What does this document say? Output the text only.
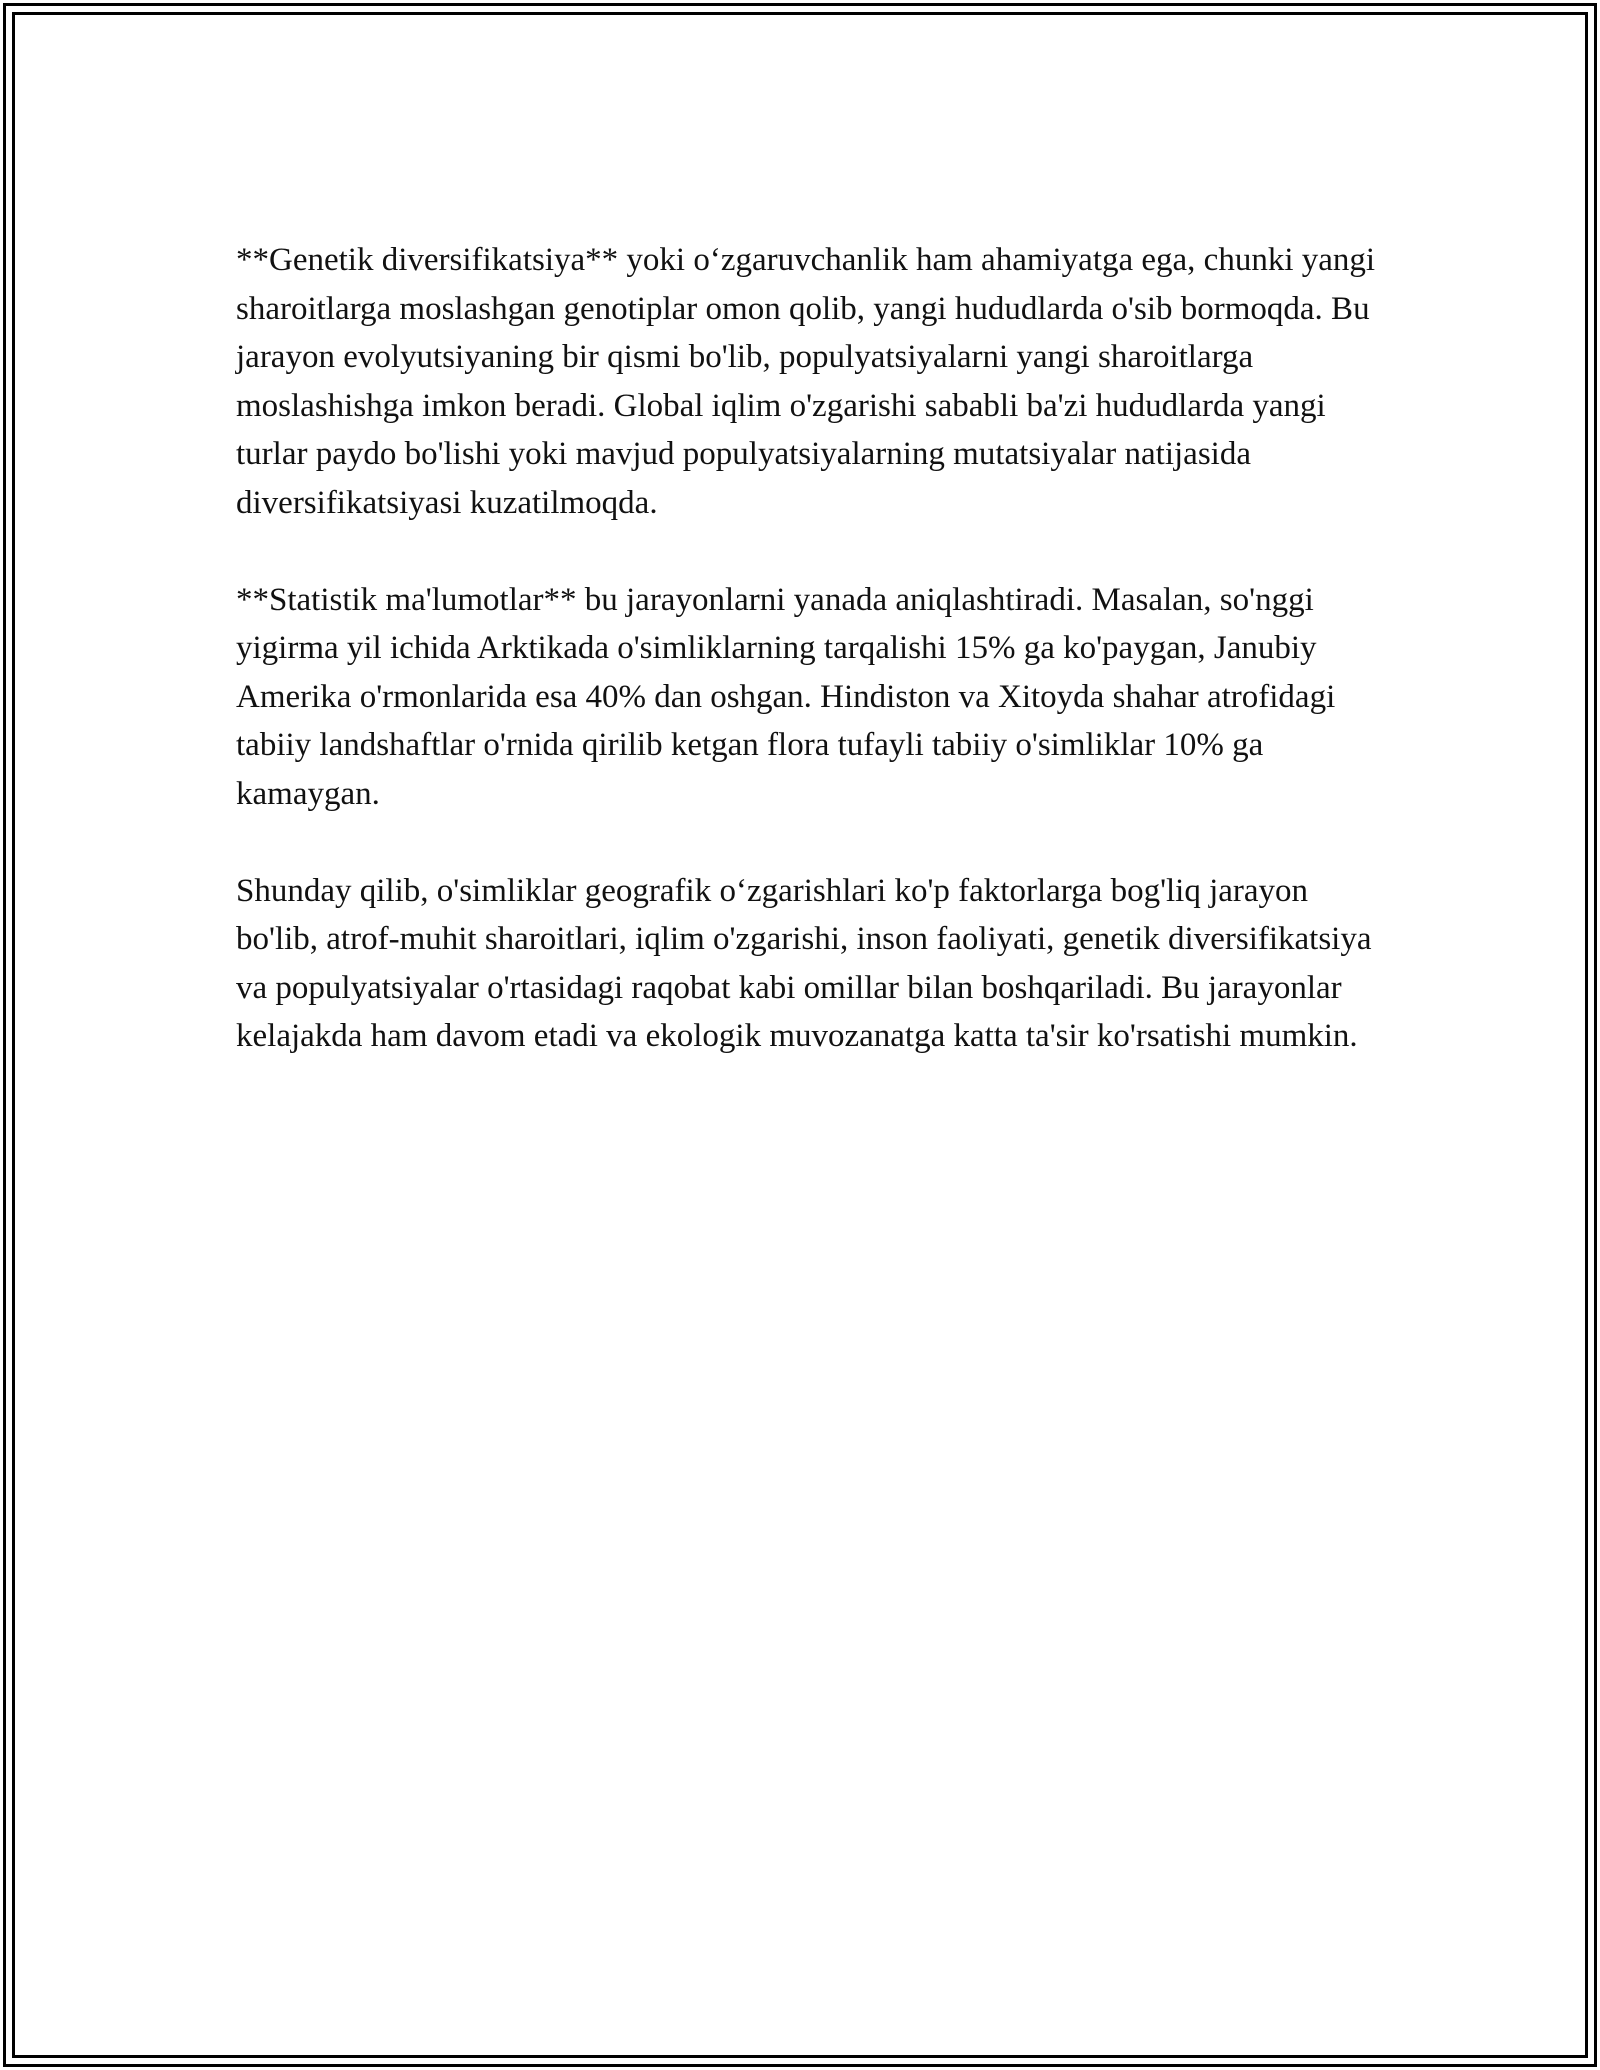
**Genetik diversifikatsiya** yoki o‘zgaruvchanlik ham ahamiyatga ega, chunki yangi sharoitlarga moslashgan genotiplar omon qolib, yangi hududlarda o'sib bormoqda. Bu jarayon evolyutsiyaning bir qismi bo'lib, populyatsiyalarni yangi sharoitlarga moslashishga imkon beradi. Global iqlim o'zgarishi sababli ba'zi hududlarda yangi turlar paydo bo'lishi yoki mavjud populyatsiyalarning mutatsiyalar natijasida diversifikatsiyasi kuzatilmoqda.

**Statistik ma'lumotlar** bu jarayonlarni yanada aniqlashtiradi. Masalan, so'nggi yigirma yil ichida Arktikada o'simliklarning tarqalishi 15% ga ko'paygan, Janubiy Amerika o'rmonlarida esa 40% dan oshgan. Hindiston va Xitoyda shahar atrofidagi tabiiy landshaftlar o'rnida qirilib ketgan flora tufayli tabiiy o'simliklar 10% ga kamaygan.

Shunday qilib, o'simliklar geografik o‘zgarishlari ko'p faktorlarga bog'liq jarayon bo'lib, atrof-muhit sharoitlari, iqlim o'zgarishi, inson faoliyati, genetik diversifikatsiya va populyatsiyalar o'rtasidagi raqobat kabi omillar bilan boshqariladi. Bu jarayonlar kelajakda ham davom etadi va ekologik muvozanatga katta ta'sir ko'rsatishi mumkin.
